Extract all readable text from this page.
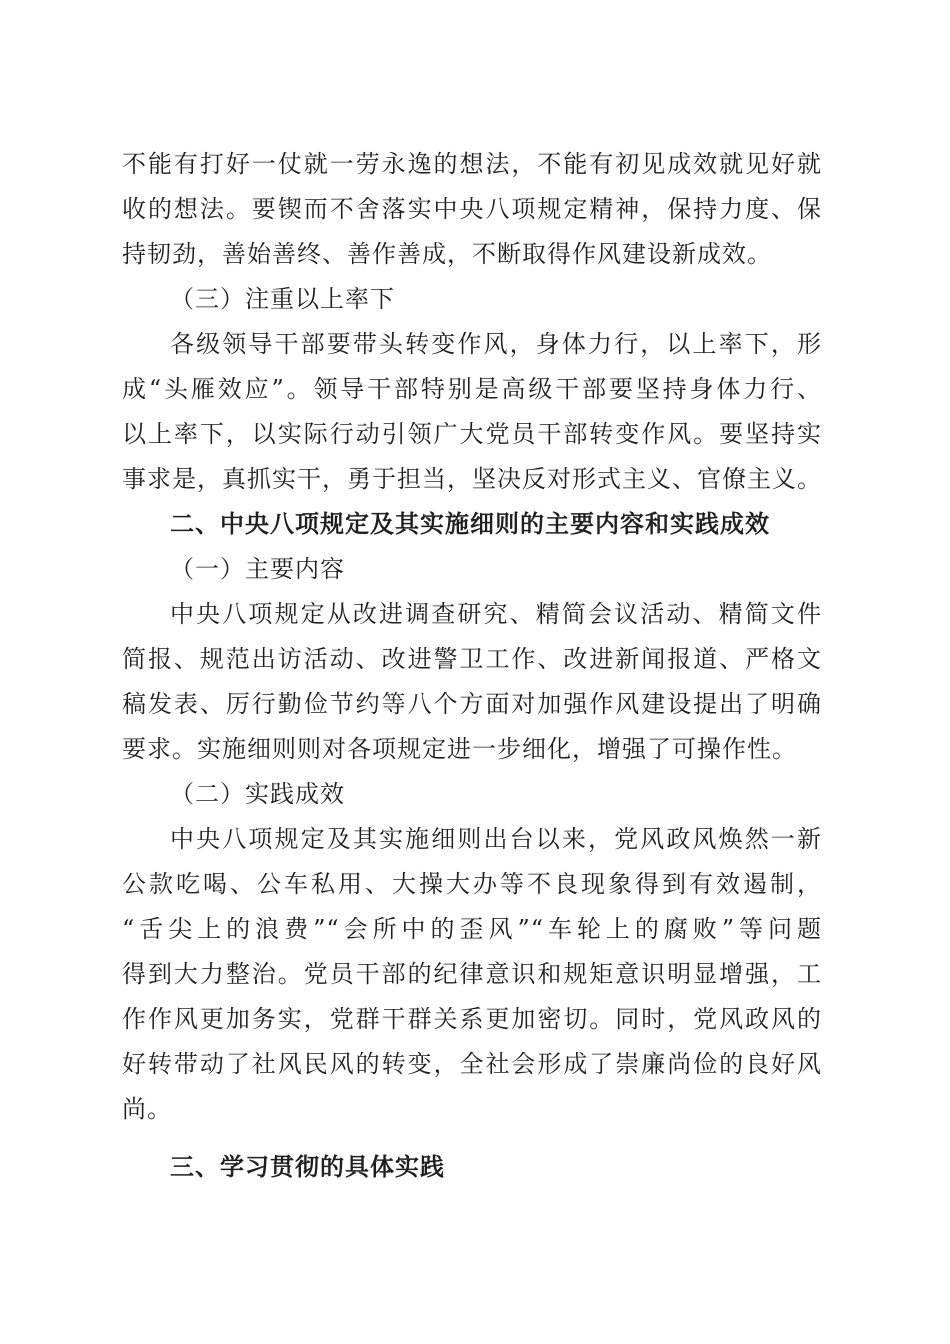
不能有打好一仗就一劳永逸的想法，不能有初见成效就见好就
收的想法。要锲而不舍落实中央八项规定精神，保持力度、保
持韧劲，善始善终、善作善成，不断取得作风建设新成效。
（三）注重以上率下
各级领导干部要带头转变作风，身体力行，以上率下，形
成“头雁效应”。领导干部特别是高级干部要坚持身体力行、
以上率下，以实际行动引领广大党员干部转变作风。要坚持实
事求是，真抓实干，勇于担当，坚决反对形式主义、官僚主义。
二、中央八项规定及其实施细则的主要内容和实践成效
（一）主要内容
中央八项规定从改进调查研究、精简会议活动、精简文件
简报、规范出访活动、改进警卫工作、改进新闻报道、严格文
稿发表、厉行勤俭节约等八个方面对加强作风建设提出了明确
要求。实施细则则对各项规定进一步细化，增强了可操作性。
（二）实践成效
中央八项规定及其实施细则出台以来，党风政风焕然一新
公款吃喝、公车私用、大操大办等不良现象得到有效遏制，
“舌尖上的浪费”“会所中的歪风”“车轮上的腐败”等问题
得到大力整治。党员干部的纪律意识和规矩意识明显增强，工
作作风更加务实，党群干群关系更加密切。同时，党风政风的
好转带动了社风民风的转变，全社会形成了崇廉尚俭的良好风
尚。
三、学习贯彻的具体实践
